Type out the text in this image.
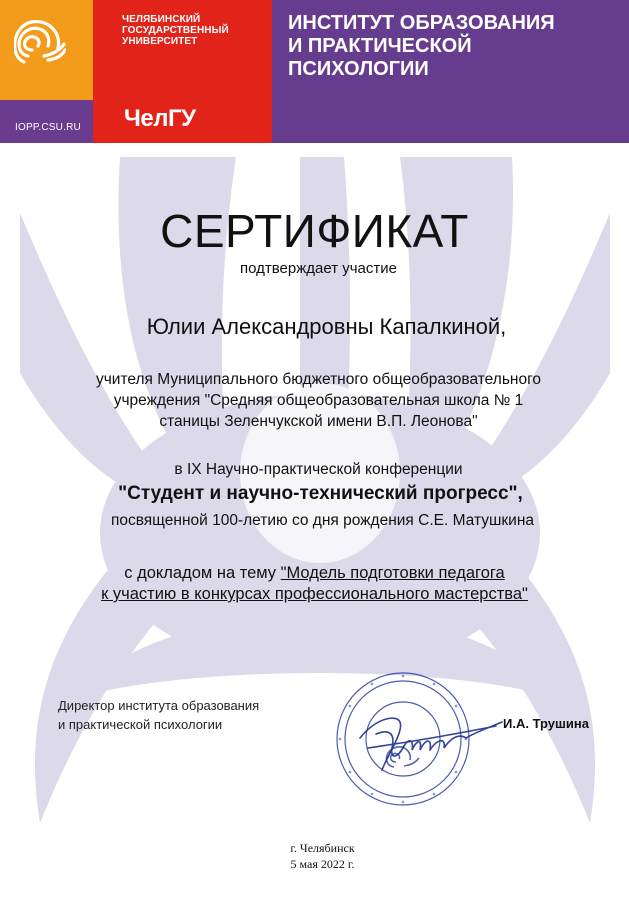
ЧЕЛЯБИНСКИЙ
ГОСУДАРСТВЕННЫЙ
УНИВЕРСИТЕТ
IOPP.CSU.RU ЧелГУ
ИНСТИТУТ ОБРАЗОВАНИЯ
И ПРАКТИЧЕСКОЙ
ПСИХОЛОГИИ
СЕРТИФИКАТ
подтверждает участие
Юлии Александровны Капалкиной,
учителя Муниципального бюджетного общеобразовательного
учреждения "Средняя общеобразовательная школа № 1
станицы Зеленчукской имени В.П. Леонова"
в IX Научно-практической конференции
"Студент и научно-технический прогресс",
посвященной 100-летию со дня рождения С.Е. Матушкина
с докладом на тему "Модель подготовки педагога
к участию в конкурсах профессионального мастерства"
Директор института образования
и практической психологии	И.А. Трушина
г. Челябинск
5 мая 2022 г.
